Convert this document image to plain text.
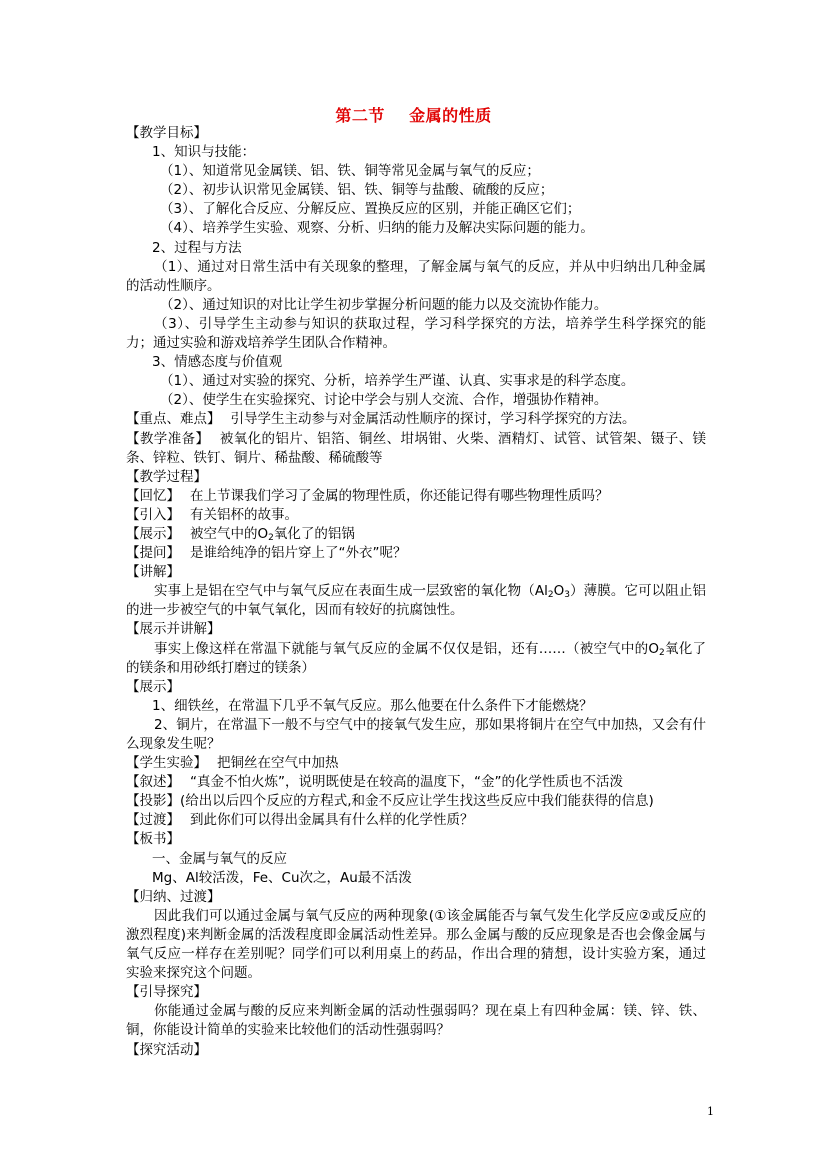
第二节    金属的性质

【教学目标】

1、知识与技能：

（1）、知道常见金属镁、铝、铁、铜等常见金属与氧气的反应；

（2）、初步认识常见金属镁、铝、铁、铜等与盐酸、硫酸的反应；

（3）、了解化合反应、分解反应、置换反应的区别，并能正确区它们；

（4）、培养学生实验、观察、分析、归纳的能力及解决实际问题的能力。

2、过程与方法

（1）、通过对日常生活中有关现象的整理，了解金属与氧气的反应，并从中归纳出几种金属的活动性顺序。

（2）、通过知识的对比让学生初步掌握分析问题的能力以及交流协作能力。

（3）、引导学生主动参与知识的获取过程，学习科学探究的方法，培养学生科学探究的能力；通过实验和游戏培养学生团队合作精神。

3、情感态度与价值观

（1）、通过对实验的探究、分析，培养学生严谨、认真、实事求是的科学态度。

（2）、使学生在实验探究、讨论中学会与别人交流、合作，增强协作精神。

【重点、难点】 引导学生主动参与对金属活动性顺序的探讨，学习科学探究的方法。

【教学准备】 被氧化的铝片、铝箔、铜丝、坩埚钳、火柴、酒精灯、试管、试管架、镊子、镁条、锌粒、铁钉、铜片、稀盐酸、稀硫酸等

【教学过程】

【回忆】 在上节课我们学习了金属的物理性质，你还能记得有哪些物理性质吗？

【引入】 有关铝杯的故事。

【展示】 被空气中的$O_2$氧化了的铝锅

【提问】 是谁给纯净的铝片穿上了“外衣”呢？

【讲解】

实事上是铝在空气中与氧气反应在表面生成一层致密的氧化物$(Al_2O_3)$薄膜。它可以阻止铝的进一步被空气的中氧气氧化，因而有较好的抗腐蚀性。

【展示并讲解】

事实上像这样在常温下就能与氧气反应的金属不仅仅是铝，还有……（被空气中的$O_2$氧化了的镁条和用砂纸打磨过的镁条）

【展示】

1、细铁丝，在常温下几乎不氧气反应。那么他要在什么条件下才能燃烧？

2、铜片，在常温下一般不与空气中的接氧气发生应，那如果将铜片在空气中加热，又会有什么现象发生呢？

【学生实验】 把铜丝在空气中加热

【叙述】 “真金不怕火炼”，说明既使是在较高的温度下，“金”的化学性质也不活泼

【投影】(给出以后四个反应的方程式,和金不反应让学生找这些反应中我们能获得的信息)

【过渡】 到此你们可以得出金属具有什么样的化学性质？

【板书】

一、金属与氧气的反应

Mg、Al较活泼，Fe、Cu次之，Au最不活泼

【归纳、过渡】

因此我们可以通过金属与氧气反应的两种现象(①该金属能否与氧气发生化学反应②或反应的激烈程度)来判断金属的活泼程度即金属活动性差异。那么金属与酸的反应现象是否也会像金属与氧气反应一样存在差别呢？同学们可以利用桌上的药品，作出合理的猜想，设计实验方案，通过实验来探究这个问题。

【引导探究】

你能通过金属与酸的反应来判断金属的活动性强弱吗？现在桌上有四种金属：镁、锌、铁、铜，你能设计简单的实验来比较他们的活动性强弱吗？

【探究活动】

1
